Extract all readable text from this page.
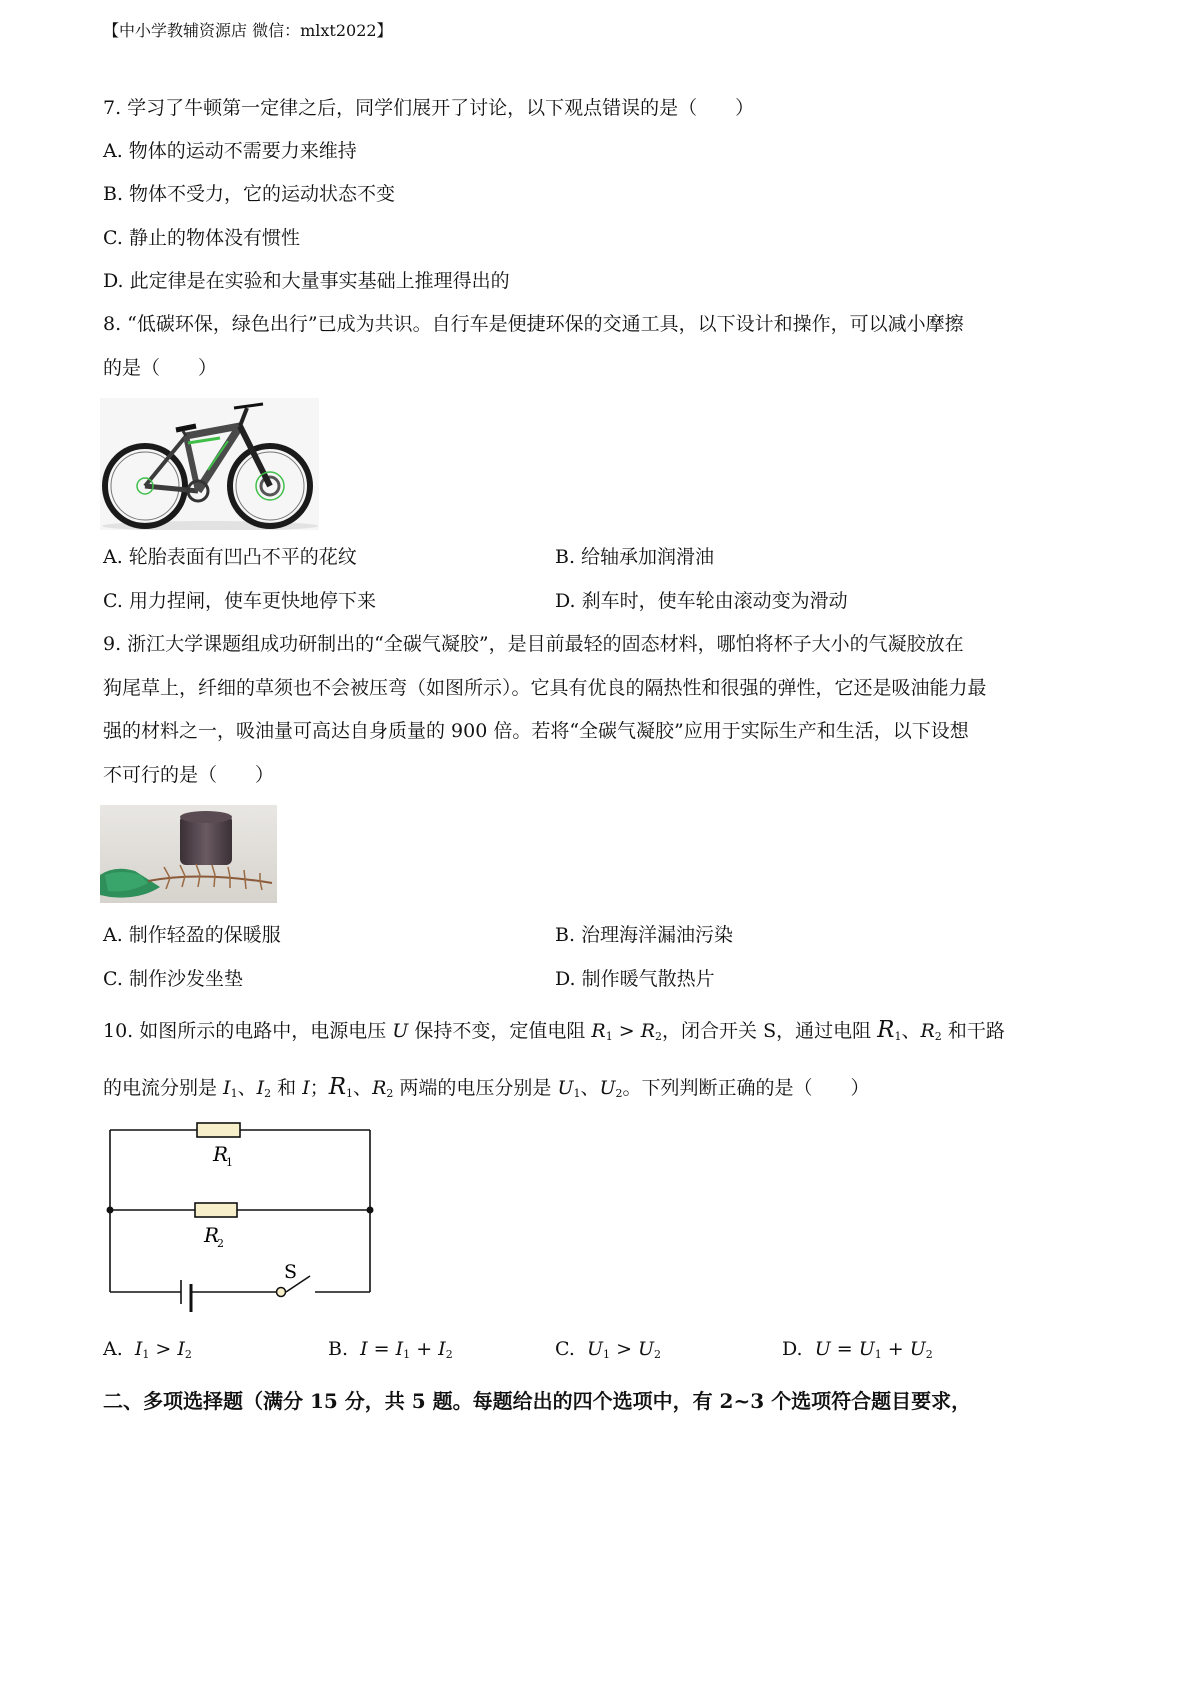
【中小学教辅资源店 微信：mlxt2022】
7. 学习了牛顿第一定律之后，同学们展开了讨论，以下观点错误的是（　　）
A. 物体的运动不需要力来维持
B. 物体不受力，它的运动状态不变
C. 静止的物体没有惯性
D. 此定律是在实验和大量事实基础上推理得出的
8. “低碳环保，绿色出行”已成为共识。自行车是便捷环保的交通工具，以下设计和操作，可以减小摩擦
的是（　　）
A. 轮胎表面有凹凸不平的花纹	B. 给轴承加润滑油
C. 用力捏闸，使车更快地停下来	D. 刹车时，使车轮由滚动变为滑动
9. 浙江大学课题组成功研制出的“全碳气凝胶”，是目前最轻的固态材料，哪怕将杯子大小的气凝胶放在
狗尾草上，纤细的草须也不会被压弯（如图所示）。它具有优良的隔热性和很强的弹性，它还是吸油能力最
强的材料之一，吸油量可高达自身质量的 900 倍。若将“全碳气凝胶”应用于实际生产和生活，以下设想
不可行的是（　　）
A. 制作轻盈的保暖服	B. 治理海洋漏油污染
C. 制作沙发坐垫	D. 制作暖气散热片
10. 如图所示的电路中，电源电压 U 保持不变，定值电阻 $R_1 > R_2$，闭合开关 S，通过电阻 $R_1$、$R_2$ 和干路
的电流分别是 $I_1$、$I_2$ 和 I；$R_1$、$R_2$ 两端的电压分别是 $U_1$、$U_2$。下列判断正确的是（　　）
R
1
R
2
S
A. $I_1 > I_2$	B. $I = I_1 + I_2$	C. $U_1 > U_2$	D. $U = U_1 + U_2$
二、多项选择题（满分 15 分，共 5 题。每题给出的四个选项中，有 2~3 个选项符合题目要求，
